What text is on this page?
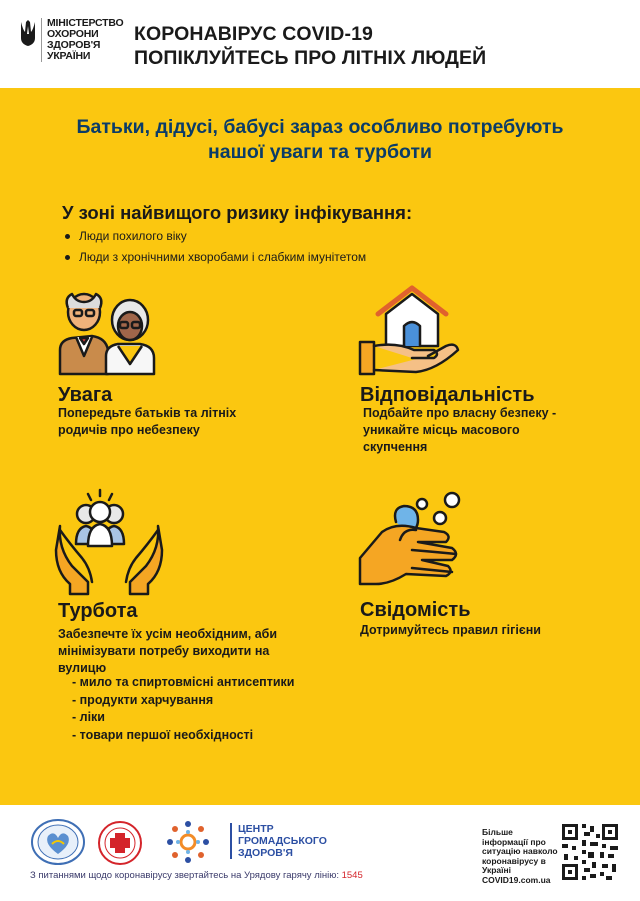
МІНІСТЕРСТВО
ОХОРОНИ
ЗДОРОВ'Я
УКРАЇНИ
КОРОНАВІРУС COVID-19
ПОПІКЛУЙТЕСЬ ПРО ЛІТНІХ ЛЮДЕЙ
Батьки, дідусі, бабусі зараз особливо потребують
нашої уваги та турботи
У зоні найвищого ризику інфікування:
Люди похилого віку
Люди з хронічними хворобами і слабким імунітетом
Увага
Попередьте батьків та літніх
родичів про небезпеку
Відповідальність
Подбайте про власну безпеку -
уникайте місць масового
скупчення
Турбота
Забезпечте їх усім необхідним, аби
мінімізувати потребу виходити на
вулицю
- мило та спиртовмісні антисептики
- продукти харчування
- ліки
- товари першої необхідності
Свідомість
Дотримуйтесь правил гігієни
ЦЕНТР
ГРОМАДСЬКОГО
ЗДОРОВ'Я
З питаннями щодо коронавірусу звертайтесь на Урядову гарячу лінію: 1545
Більше
інформації про
ситуацію навколо
коронавірусу в
Україні
COVID19.com.ua
